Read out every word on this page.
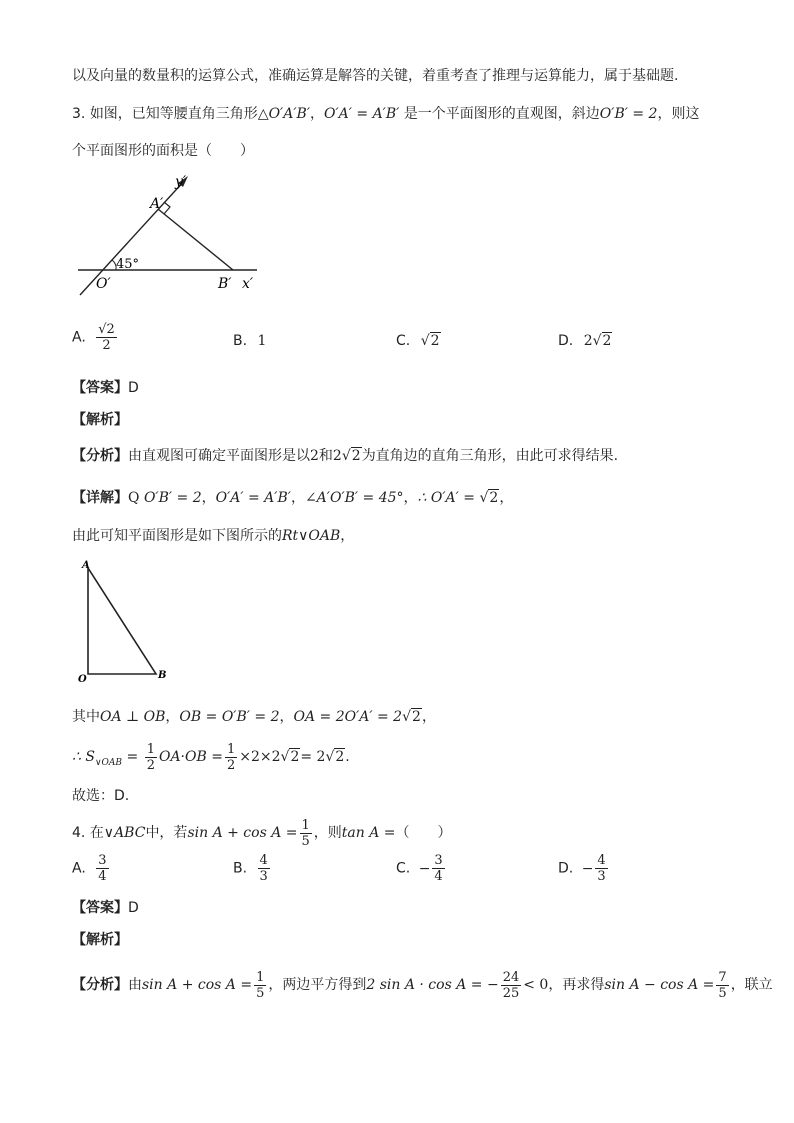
以及向量的数量积的运算公式，准确运算是解答的关键，着重考查了推理与运算能力，属于基础题.
3. 如图，已知等腰直角三角形△O′A′B′，O′A′ = A′B′ 是一个平面图形的直观图，斜边O′B′ = 2，则这
个平面图形的面积是（　　）
y′
A′
45°
O′	B′ x′
A. $\frac{√2}{2}$	B. 1	C. √2	D. 2√2
【答案】D
【解析】
【分析】由直观图可确定平面图形是以2和2√2为直角边的直角三角形，由此可求得结果.
【详解】Q O′B′ = 2，O′A′ = A′B′，∠A′O′B′ = 45°，∴ O′A′ = √2，
由此可知平面图形是如下图所示的Rt∨OAB，
A
O	B
其中OA ⊥ OB，OB = O′B′ = 2，OA = 2O′A′ = 2√2，
∴ $S_{\vee OAB} = \frac{1}{2} OA\cdot OB = \frac{1}{2} \times 2\times 2√2= 2√2$.
故选：D.
4. 在∨ABC中，若$\sin A + \cos A = \frac{1}{5}$ ，则tan A =（　　）
A. $\frac{3}{4}$	B. $\frac{4}{3}$	C. − $\frac{3}{4}$	D. − $\frac{4}{3}$
【答案】D
【解析】
【分析】由$\sin A + \cos A = \frac{1}{5}$ ，两边平方得到2 sin A · cos A = − $\frac{24}{25} < 0$，再求得$\sin A - \cos A = \frac{7}{5}$ ，联立
